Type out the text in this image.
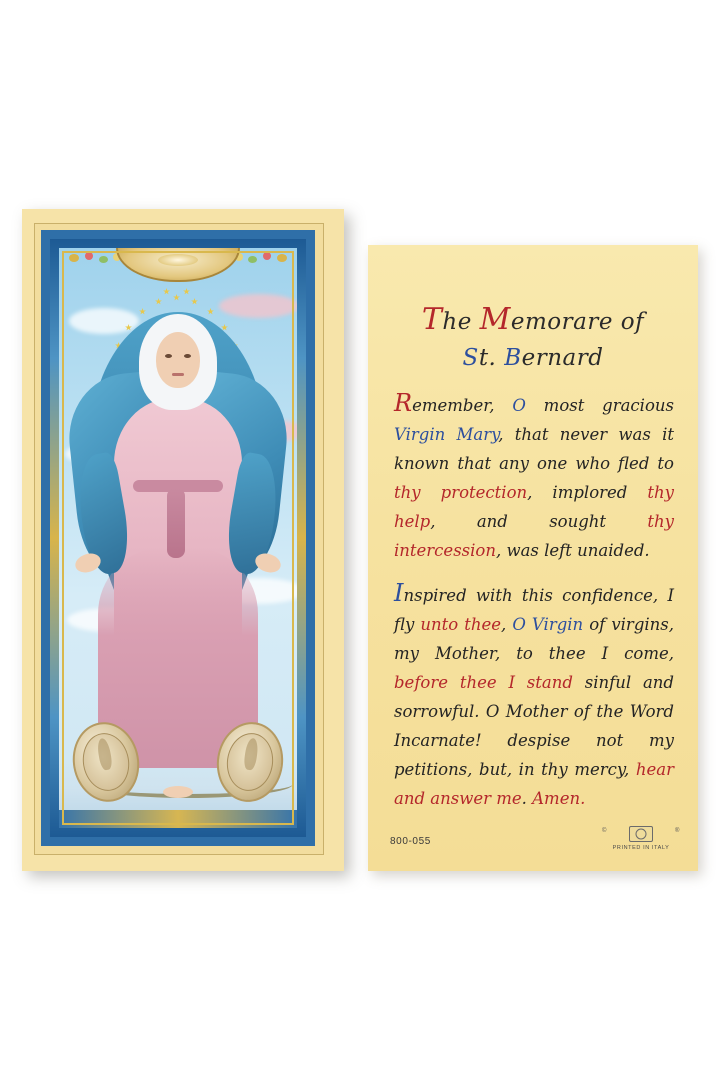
The Memorare of
St. Bernard

Remember, O most gracious Virgin Mary, that never was it known that any one who fled to thy protection, implored thy help, and sought thy intercession, was left unaided.

Inspired with this confidence, I fly unto thee, O Virgin of virgins, my Mother, to thee I come, before thee I stand sinful and sorrowful. O Mother of the Word Incarnate! despise not my petitions, but, in thy mercy, hear and answer me. Amen.

800-055
©	®
PRINTED IN ITALY
